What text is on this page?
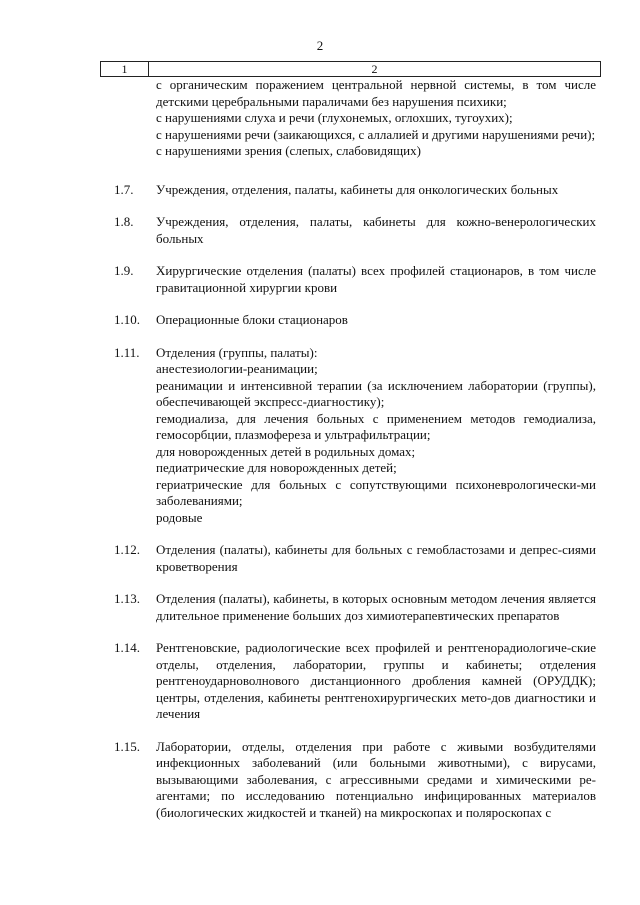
2
1	2
с органическим поражением центральной нервной системы, в том числе детскими церебральными параличами без нарушения психики;
с нарушениями слуха и речи (глухонемых, оглохших, тугоухих);
с нарушениями речи (заикающихся, с аллалией и другими нарушениями речи);
с нарушениями зрения (слепых, слабовидящих)
1.7.	Учреждения, отделения, палаты, кабинеты для онкологических больных
1.8.	Учреждения, отделения, палаты, кабинеты для кожно-венерологических больных
1.9.	Хирургические отделения (палаты) всех профилей стационаров, в том числе гравитационной хирургии крови
1.10.	Операционные блоки стационаров
1.11.	Отделения (группы, палаты):
анестезиологии-реанимации;
реанимации и интенсивной терапии (за исключением лаборатории (группы), обеспечивающей экспресс-диагностику);
гемодиализа, для лечения больных с применением методов гемодиализа, гемосорбции, плазмофереза и ультрафильтрации;
для новорожденных детей в родильных домах;
педиатрические для новорожденных детей;
гериатрические для больных с сопутствующими психоневрологически-ми заболеваниями;
родовые
1.12.	Отделения (палаты), кабинеты для больных с гемобластозами и депрес-сиями кроветворения
1.13.	Отделения (палаты), кабинеты, в которых основным методом лечения является длительное применение больших доз химиотерапевтических препаратов
1.14.	Рентгеновские, радиологические всех профилей и рентгенорадиологиче-ские отделы, отделения, лаборатории, группы и кабинеты; отделения рентгеноударноволнового дистанционного дробления камней (ОРУДДК); центры, отделения, кабинеты рентгенохирургических мето-дов диагностики и лечения
1.15.	Лаборатории, отделы, отделения при работе с живыми возбудителями инфекционных заболеваний (или больными животными), с вирусами, вызывающими заболевания, с агрессивными средами и химическими ре-агентами; по исследованию потенциально инфицированных материалов (биологических жидкостей и тканей) на микроскопах и поляроскопах с
